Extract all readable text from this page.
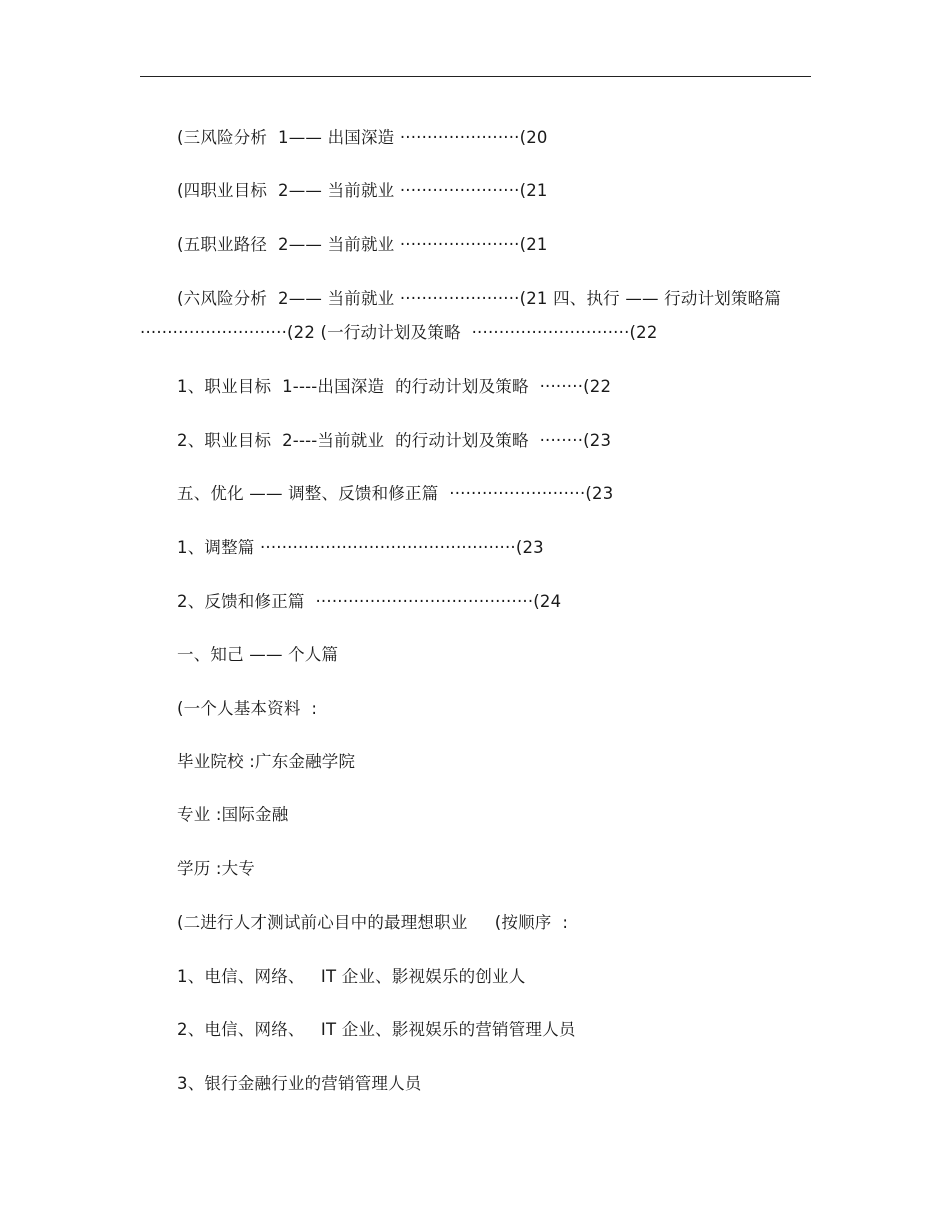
(三风险分析  1—— 出国深造 ······················(20
(四职业目标  2—— 当前就业 ······················(21
(五职业路径  2—— 当前就业 ······················(21
(六风险分析  2—— 当前就业 ······················(21 四、执行 —— 行动计划策略篇···························(22 (一行动计划及策略  ·····························(22
1、职业目标  1----出国深造  的行动计划及策略  ········(22
2、职业目标  2----当前就业  的行动计划及策略  ········(23
五、优化 —— 调整、反馈和修正篇  ·························(23
1、调整篇 ···············································(23
2、反馈和修正篇  ········································(24
一、知己 —— 个人篇
(一个人基本资料  :
毕业院校 :广东金融学院
专业 :国际金融
学历 :大专
(二进行人才测试前心目中的最理想职业     (按顺序  :
1、电信、网络、   IT 企业、影视娱乐的创业人
2、电信、网络、   IT 企业、影视娱乐的营销管理人员
3、银行金融行业的营销管理人员
